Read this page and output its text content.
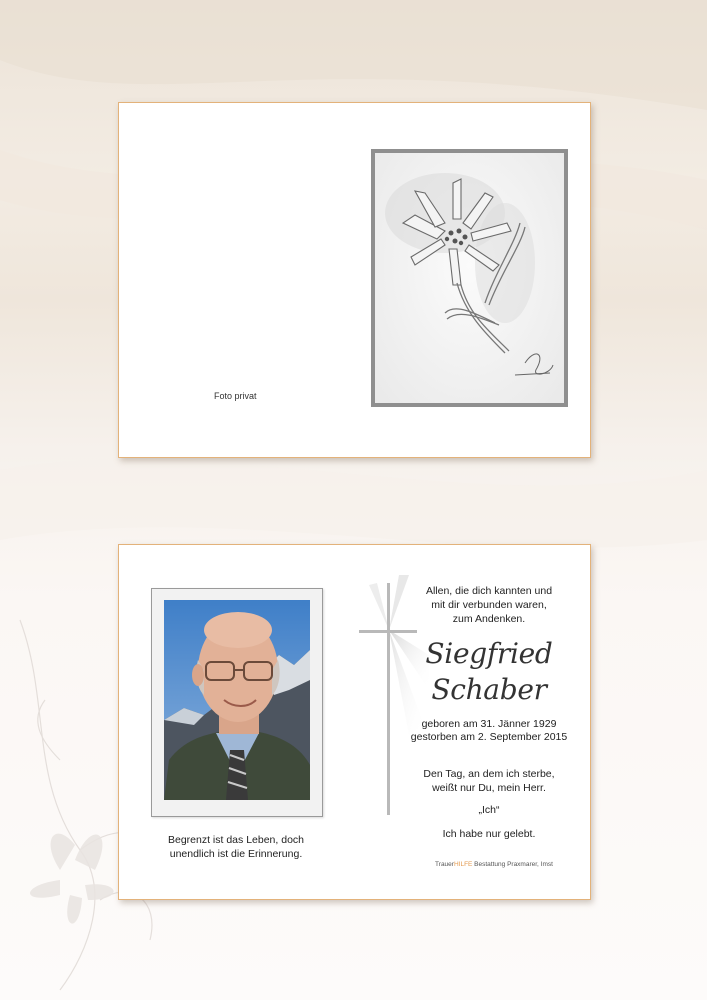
Foto privat
Begrenzt ist das Leben, doch
unendlich ist die Erinnerung.
Allen, die dich kannten und
mit dir verbunden waren,
zum Andenken.
Siegfried
Schaber
geboren am 31. Jänner 1929
gestorben am 2. September 2015
Den Tag, an dem ich sterbe,
weißt nur Du, mein Herr.
„Ich“
Ich habe nur gelebt.
TrauerHILFE Bestattung Praxmarer, Imst
